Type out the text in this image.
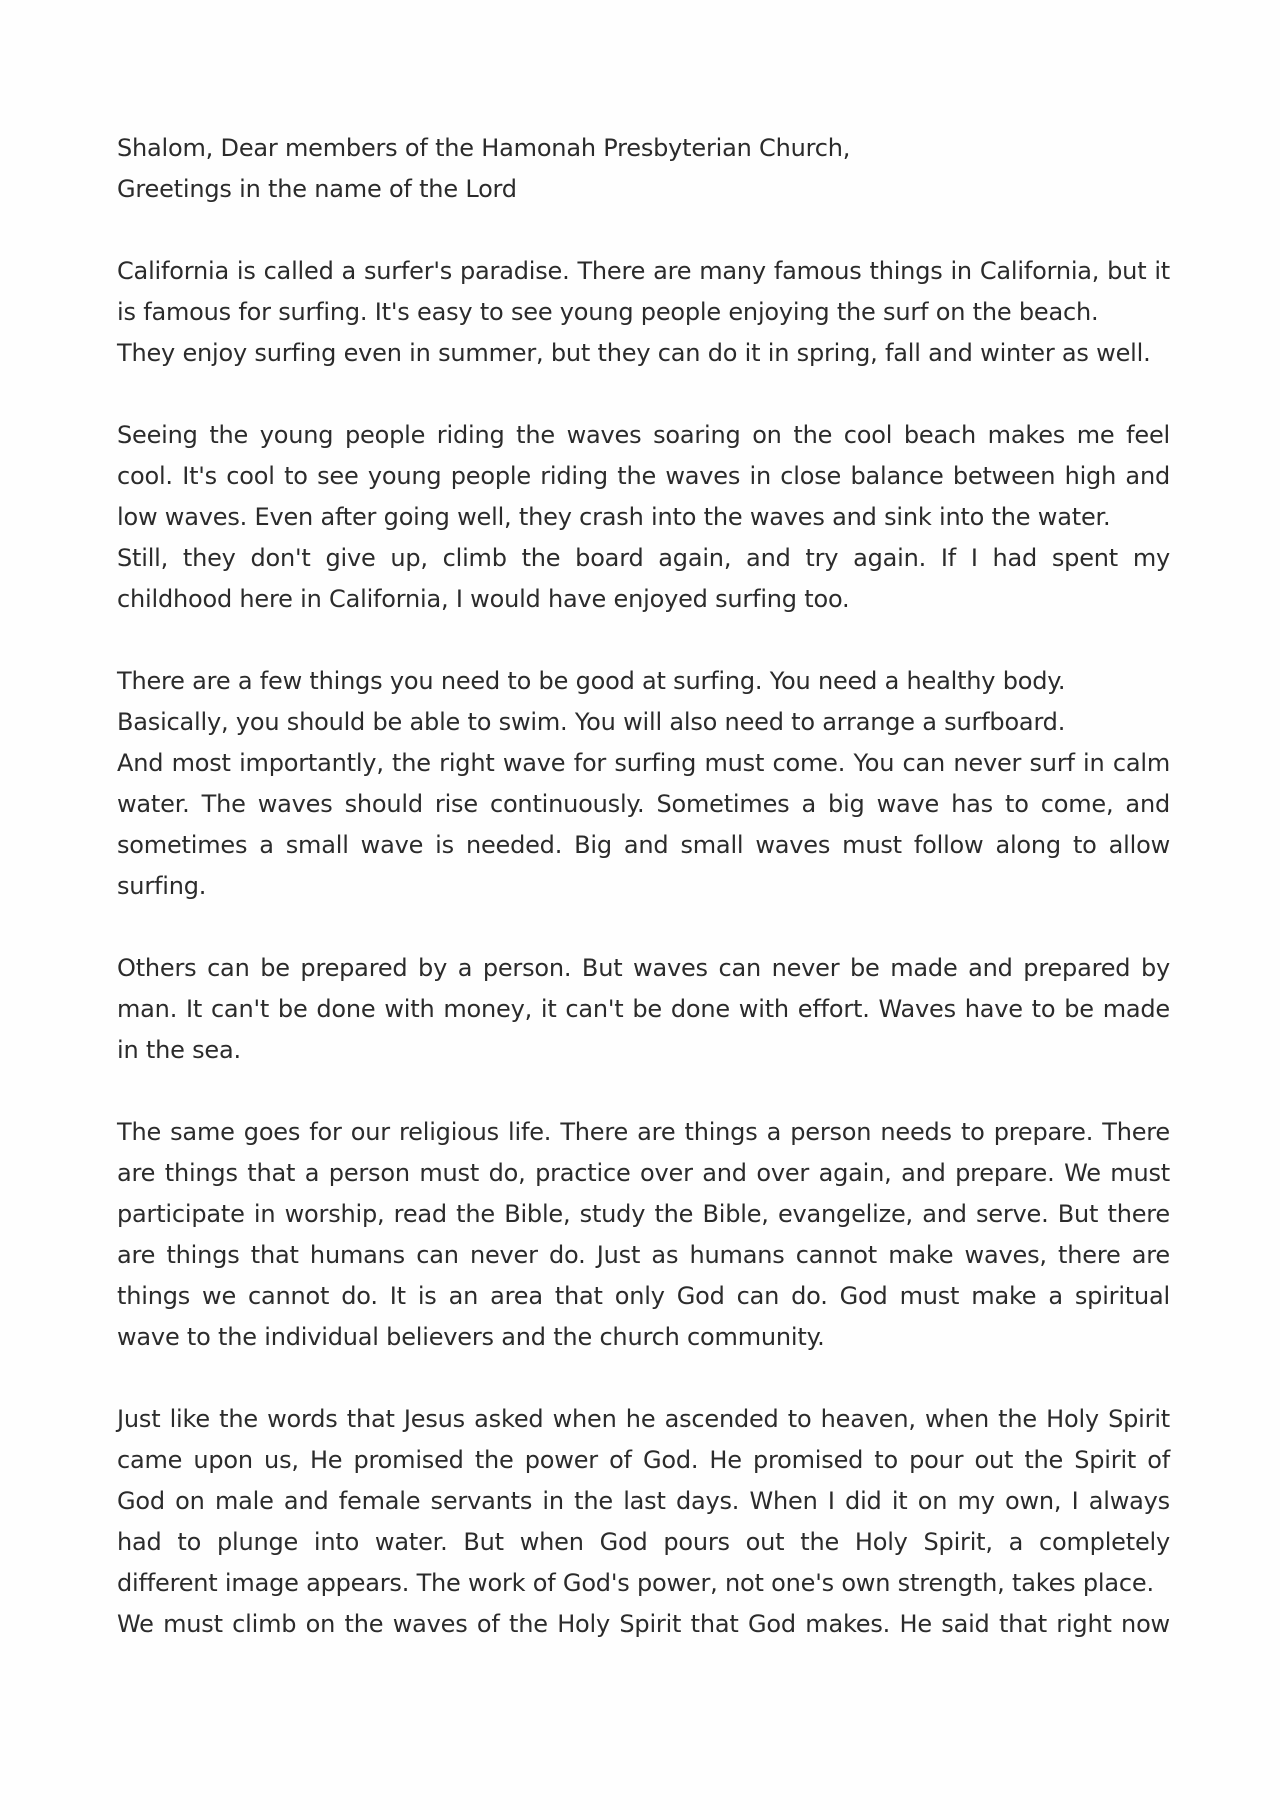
Shalom, Dear members of the Hamonah Presbyterian Church,
Greetings in the name of the Lord
California is called a surfer's paradise. There are many famous things in California, but it
is famous for surfing. It's easy to see young people enjoying the surf on the beach.
They enjoy surfing even in summer, but they can do it in spring, fall and winter as well.
Seeing the young people riding the waves soaring on the cool beach makes me feel
cool. It's cool to see young people riding the waves in close balance between high and
low waves. Even after going well, they crash into the waves and sink into the water.
Still, they don't give up, climb the board again, and try again. If I had spent my
childhood here in California, I would have enjoyed surfing too.
There are a few things you need to be good at surfing. You need a healthy body.
Basically, you should be able to swim. You will also need to arrange a surfboard.
And most importantly, the right wave for surfing must come. You can never surf in calm
water. The waves should rise continuously. Sometimes a big wave has to come, and
sometimes a small wave is needed. Big and small waves must follow along to allow
surfing.
Others can be prepared by a person. But waves can never be made and prepared by
man. It can't be done with money, it can't be done with effort. Waves have to be made
in the sea.
The same goes for our religious life. There are things a person needs to prepare. There
are things that a person must do, practice over and over again, and prepare. We must
participate in worship, read the Bible, study the Bible, evangelize, and serve. But there
are things that humans can never do. Just as humans cannot make waves, there are
things we cannot do. It is an area that only God can do. God must make a spiritual
wave to the individual believers and the church community.
Just like the words that Jesus asked when he ascended to heaven, when the Holy Spirit
came upon us, He promised the power of God. He promised to pour out the Spirit of
God on male and female servants in the last days. When I did it on my own, I always
had to plunge into water. But when God pours out the Holy Spirit, a completely
different image appears. The work of God's power, not one's own strength, takes place.
We must climb on the waves of the Holy Spirit that God makes. He said that right now
